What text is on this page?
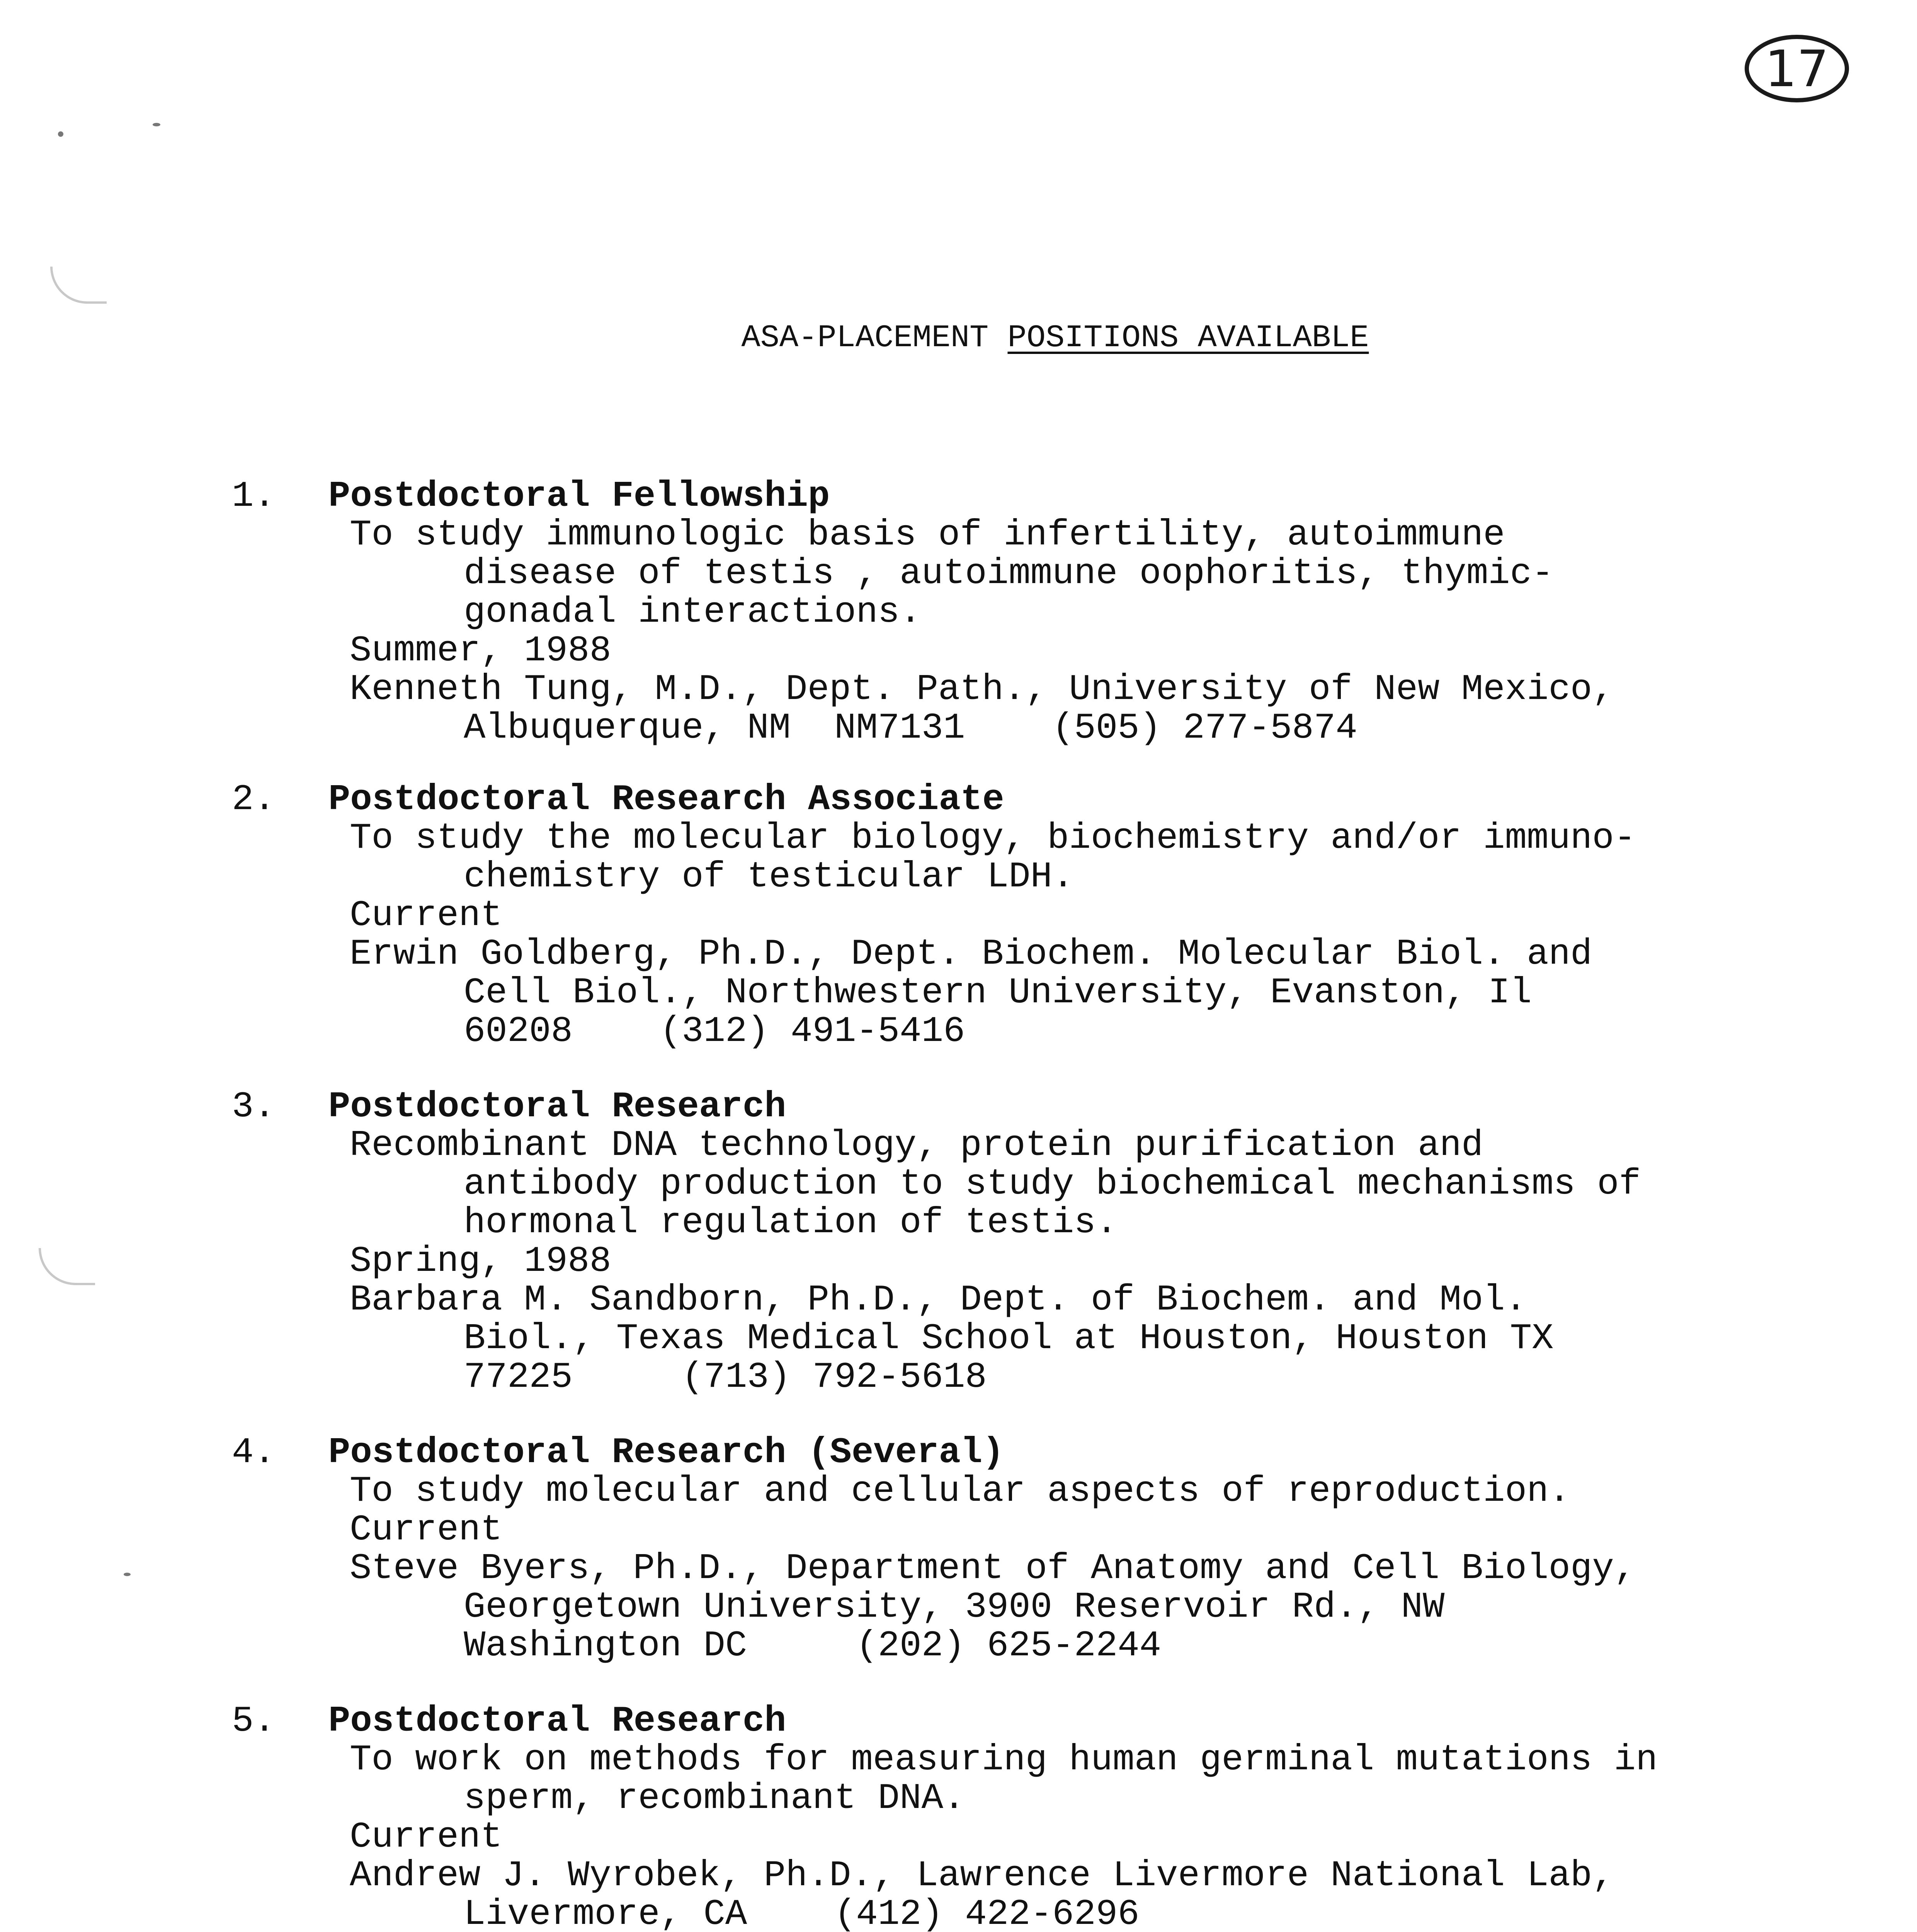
17
ASA-PLACEMENT POSITIONS AVAILABLE
1. Postdoctoral Fellowship
To study immunologic basis of infertility, autoimmune
disease of testis , autoimmune oophoritis, thymic-
gonadal interactions.
Summer, 1988
Kenneth Tung, M.D., Dept. Path., University of New Mexico,
Albuquerque, NM  NM7131    (505) 277-5874
2. Postdoctoral Research Associate
To study the molecular biology, biochemistry and/or immuno-
chemistry of testicular LDH.
Current
Erwin Goldberg, Ph.D., Dept. Biochem. Molecular Biol. and
Cell Biol., Northwestern University, Evanston, Il
60208    (312) 491-5416
3. Postdoctoral Research
Recombinant DNA technology, protein purification and
antibody production to study biochemical mechanisms of
hormonal regulation of testis.
Spring, 1988
Barbara M. Sandborn, Ph.D., Dept. of Biochem. and Mol.
Biol., Texas Medical School at Houston, Houston TX
77225     (713) 792-5618
4. Postdoctoral Research (Several)
To study molecular and cellular aspects of reproduction.
Current
Steve Byers, Ph.D., Department of Anatomy and Cell Biology,
Georgetown University, 3900 Reservoir Rd., NW
Washington DC     (202) 625-2244
5. Postdoctoral Research
To work on methods for measuring human germinal mutations in
sperm, recombinant DNA.
Current
Andrew J. Wyrobek, Ph.D., Lawrence Livermore National Lab,
Livermore, CA    (412) 422-6296
